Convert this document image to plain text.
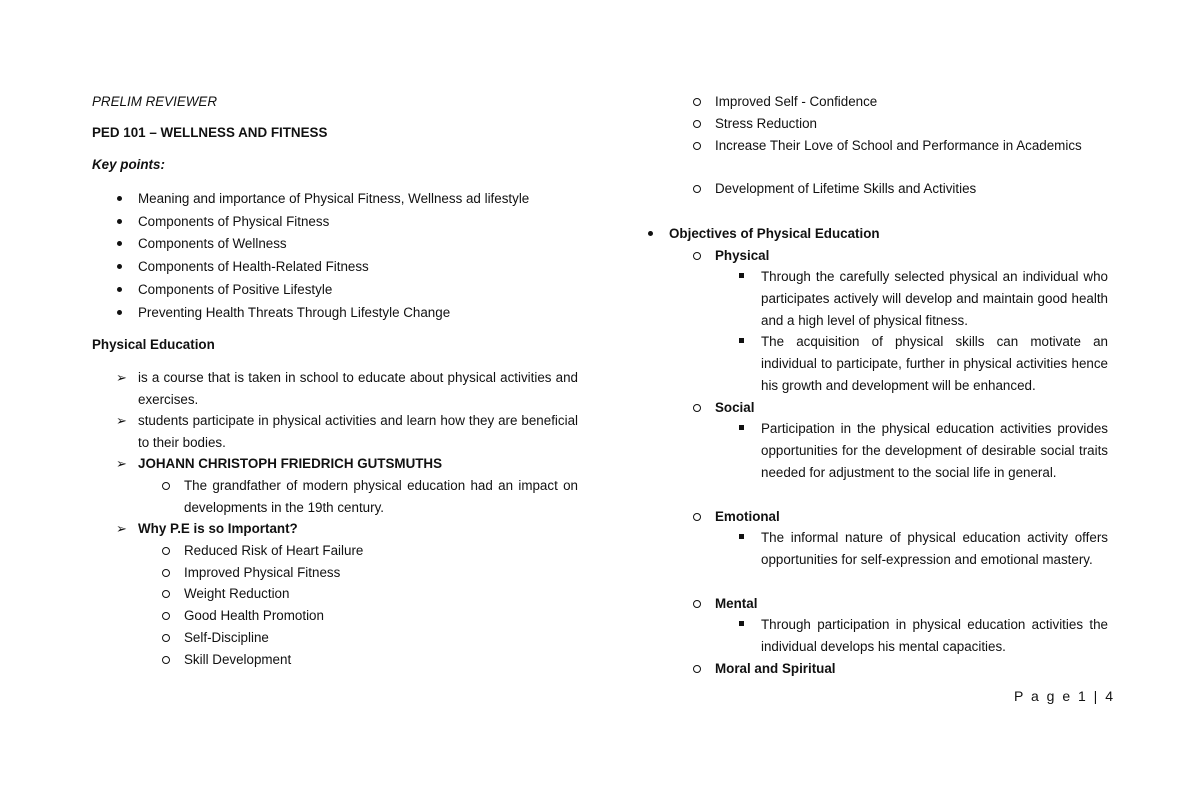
PRELIM REVIEWER
PED 101 – WELLNESS AND FITNESS
Key points:
Meaning and importance of Physical Fitness, Wellness ad lifestyle
Components of Physical Fitness
Components of Wellness
Components of Health-Related Fitness
Components of Positive Lifestyle
Preventing Health Threats Through Lifestyle Change
Physical Education
➢ is a course that is taken in school to educate about physical activities and exercises.
➢ students participate in physical activities and learn how they are beneficial to their bodies.
➢ JOHANN CHRISTOPH FRIEDRICH GUTSMUTHS
The grandfather of modern physical education had an impact on developments in the 19th century.
➢ Why P.E is so Important?
Reduced Risk of Heart Failure
Improved Physical Fitness
Weight Reduction
Good Health Promotion
Self-Discipline
Skill Development
Improved Self - Confidence
Stress Reduction
Increase Their Love of School and Performance in Academics
Development of Lifetime Skills and Activities
Objectives of Physical Education
Physical
Through the carefully selected physical an individual who participates actively will develop and maintain good health and a high level of physical fitness.
The acquisition of physical skills can motivate an individual to participate, further in physical activities hence his growth and development will be enhanced.
Social
Participation in the physical education activities provides opportunities for the development of desirable social traits needed for adjustment to the social life in general.
Emotional
The informal nature of physical education activity offers opportunities for self-expression and emotional mastery.
Mental
Through participation in physical education activities the individual develops his mental capacities.
Moral and Spiritual
P a g e 1 | 4
